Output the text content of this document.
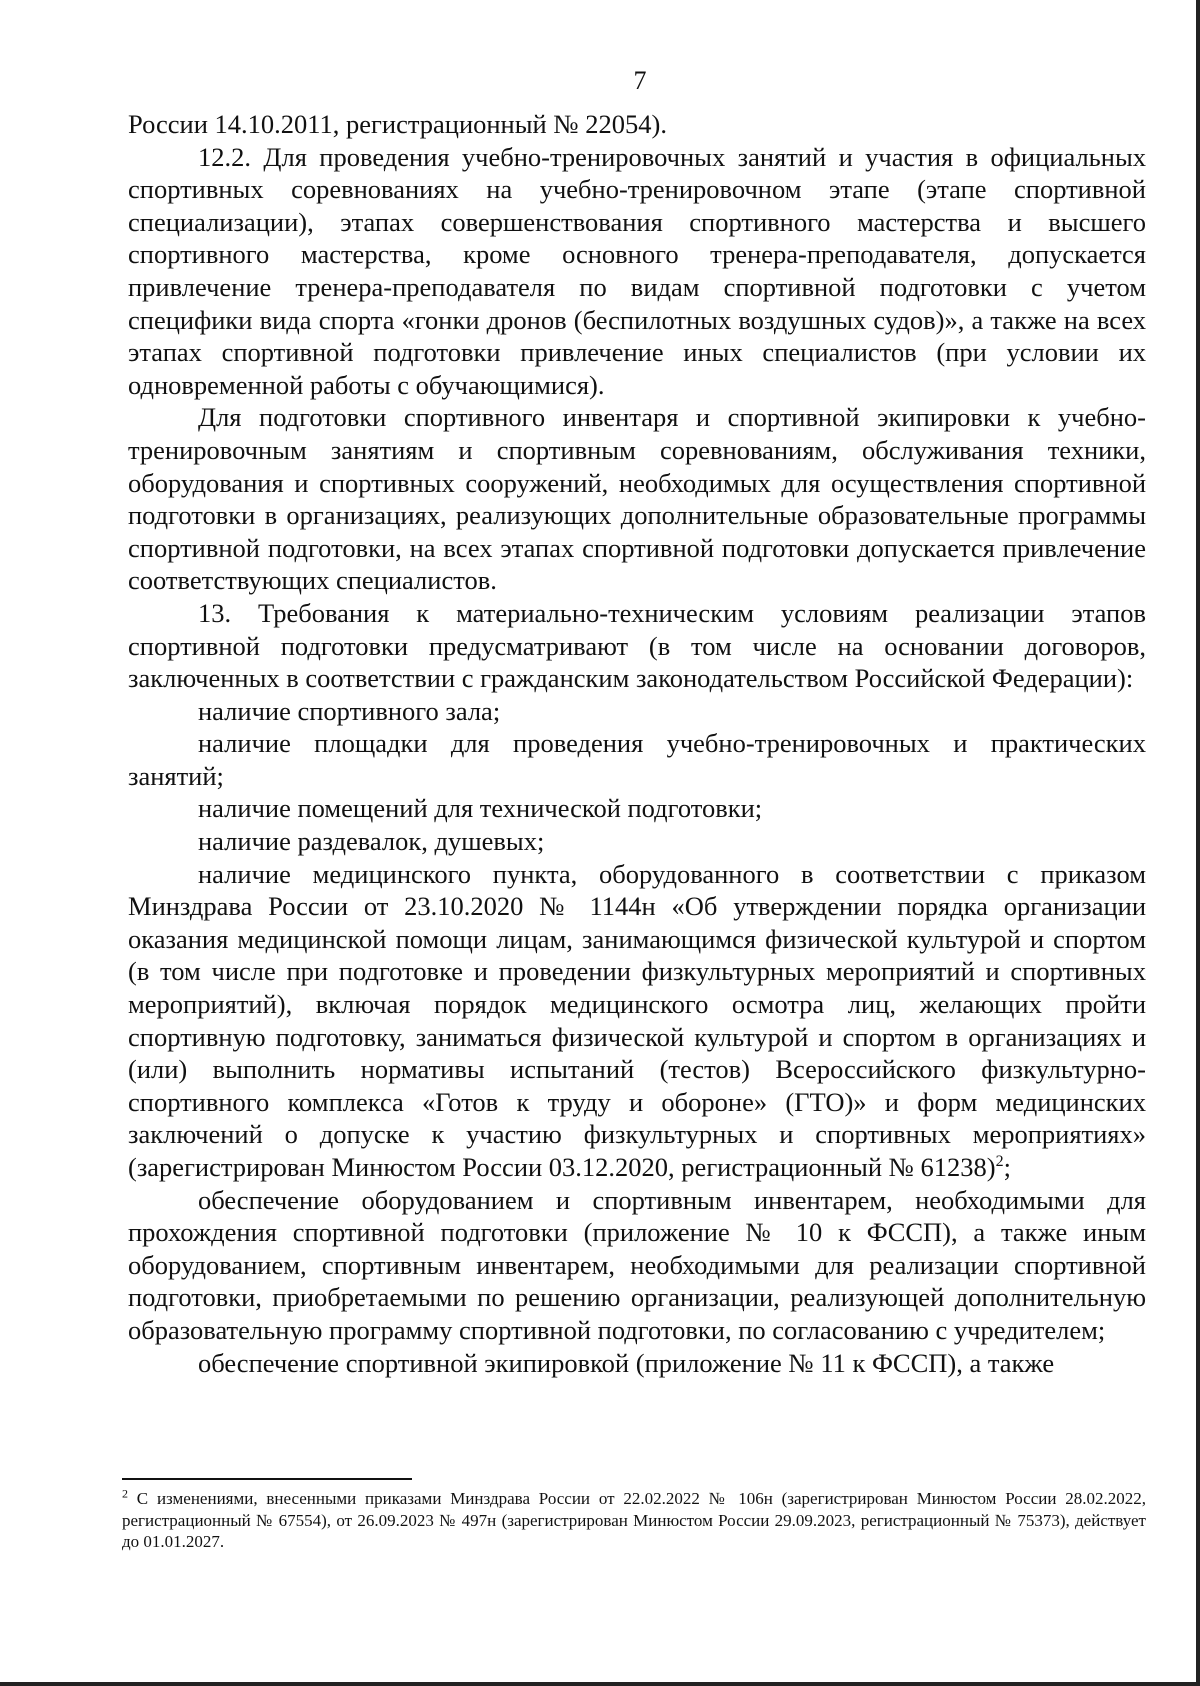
7

России 14.10.2011, регистрационный № 22054).

12.2. Для проведения учебно-тренировочных занятий и участия в официальных спортивных соревнованиях на учебно-тренировочном этапе (этапе спортивной специализации), этапах совершенствования спортивного мастерства и высшего спортивного мастерства, кроме основного тренера-преподавателя, допускается привлечение тренера-преподавателя по видам спортивной подготовки с учетом специфики вида спорта «гонки дронов (беспилотных воздушных судов)», а также на всех этапах спортивной подготовки привлечение иных специалистов (при условии их одновременной работы с обучающимися).

Для подготовки спортивного инвентаря и спортивной экипировки к учебно-тренировочным занятиям и спортивным соревнованиям, обслуживания техники, оборудования и спортивных сооружений, необходимых для осуществления спортивной подготовки в организациях, реализующих дополнительные образовательные программы спортивной подготовки, на всех этапах спортивной подготовки допускается привлечение соответствующих специалистов.

13. Требования к материально-техническим условиям реализации этапов спортивной подготовки предусматривают (в том числе на основании договоров, заключенных в соответствии с гражданским законодательством Российской Федерации):

наличие спортивного зала;

наличие площадки для проведения учебно-тренировочных и практических занятий;

наличие помещений для технической подготовки;

наличие раздевалок, душевых;

наличие медицинского пункта, оборудованного в соответствии с приказом Минздрава России от 23.10.2020 № 1144н «Об утверждении порядка организации оказания медицинской помощи лицам, занимающимся физической культурой и спортом (в том числе при подготовке и проведении физкультурных мероприятий и спортивных мероприятий), включая порядок медицинского осмотра лиц, желающих пройти спортивную подготовку, заниматься физической культурой и спортом в организациях и (или) выполнить нормативы испытаний (тестов) Всероссийского физкультурно-спортивного комплекса «Готов к труду и обороне» (ГТО)» и форм медицинских заключений о допуске к участию физкультурных и спортивных мероприятиях» (зарегистрирован Минюстом России 03.12.2020, регистрационный № 61238)$^2$;

обеспечение оборудованием и спортивным инвентарем, необходимыми для прохождения спортивной подготовки (приложение № 10 к ФССП), а также иным оборудованием, спортивным инвентарем, необходимыми для реализации спортивной подготовки, приобретаемыми по решению организации, реализующей дополнительную образовательную программу спортивной подготовки, по согласованию с учредителем;

обеспечение спортивной экипировкой (приложение № 11 к ФССП), а также

$^2$ С изменениями, внесенными приказами Минздрава России от 22.02.2022 № 106н (зарегистрирован Минюстом России 28.02.2022, регистрационный № 67554), от 26.09.2023 № 497н (зарегистрирован Минюстом России 29.09.2023, регистрационный № 75373), действует до 01.01.2027.
